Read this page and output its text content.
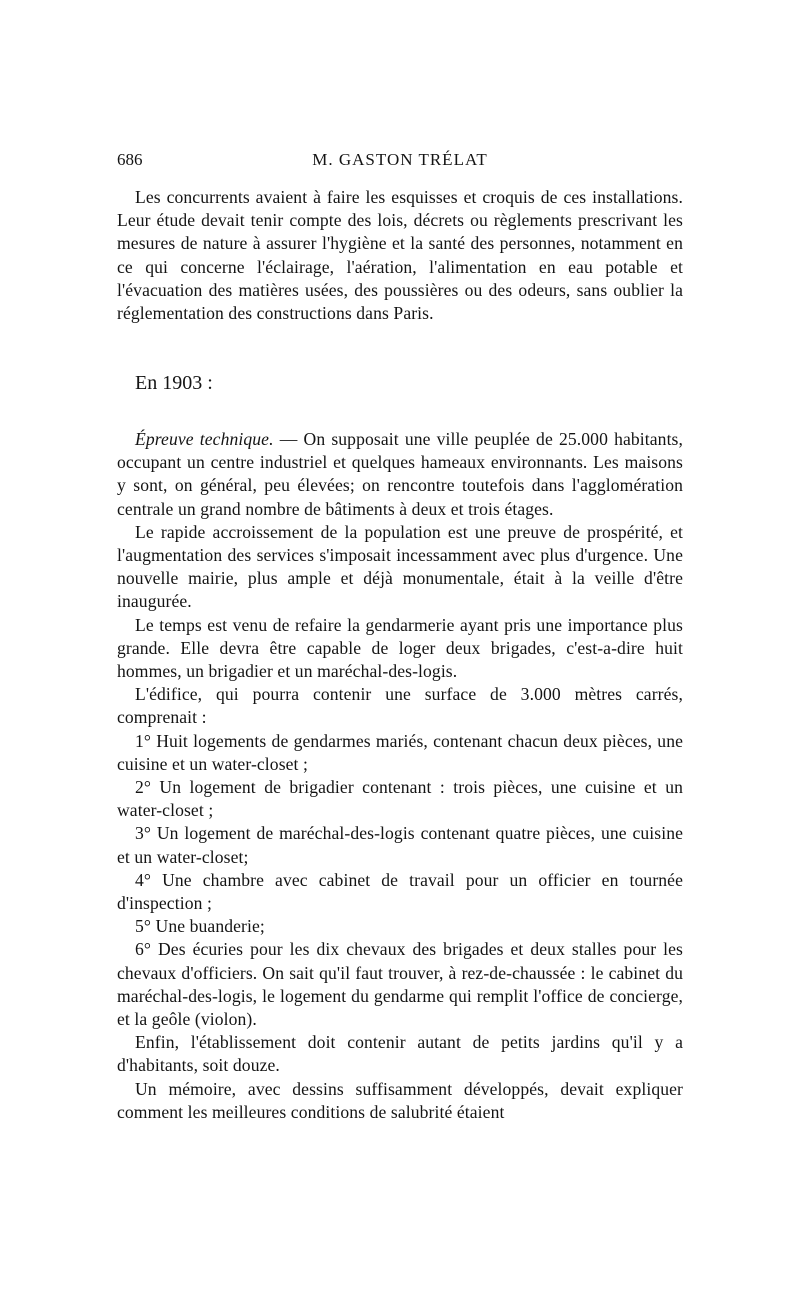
686	M. GASTON TRÉLAT

Les concurrents avaient à faire les esquisses et croquis de ces installations. Leur étude devait tenir compte des lois, décrets ou règlements prescrivant les mesures de nature à assurer l'hygiène et la santé des personnes, notamment en ce qui concerne l'éclairage, l'aération, l'alimentation en eau potable et l'évacuation des matières usées, des poussières ou des odeurs, sans oublier la réglementation des constructions dans Paris.

En 1903 :

Épreuve technique. — On supposait une ville peuplée de 25.000 habitants, occupant un centre industriel et quelques hameaux environnants. Les maisons y sont, on général, peu élevées; on rencontre toutefois dans l'agglomération centrale un grand nombre de bâtiments à deux et trois étages.

Le rapide accroissement de la population est une preuve de prospérité, et l'augmentation des services s'imposait incessamment avec plus d'urgence. Une nouvelle mairie, plus ample et déjà monumentale, était à la veille d'être inaugurée.

Le temps est venu de refaire la gendarmerie ayant pris une importance plus grande. Elle devra être capable de loger deux brigades, c'est-a-dire huit hommes, un brigadier et un maréchal-des-logis.

L'édifice, qui pourra contenir une surface de 3.000 mètres carrés, comprenait :

1° Huit logements de gendarmes mariés, contenant chacun deux pièces, une cuisine et un water-closet ;

2° Un logement de brigadier contenant : trois pièces, une cuisine et un water-closet ;

3° Un logement de maréchal-des-logis contenant quatre pièces, une cuisine et un water-closet;

4° Une chambre avec cabinet de travail pour un officier en tournée d'inspection ;

5° Une buanderie;

6° Des écuries pour les dix chevaux des brigades et deux stalles pour les chevaux d'officiers. On sait qu'il faut trouver, à rez-de-chaussée : le cabinet du maréchal-des-logis, le logement du gendarme qui remplit l'office de concierge, et la geôle (violon).

Enfin, l'établissement doit contenir autant de petits jardins qu'il y a d'habitants, soit douze.

Un mémoire, avec dessins suffisamment développés, devait expliquer comment les meilleures conditions de salubrité étaient
